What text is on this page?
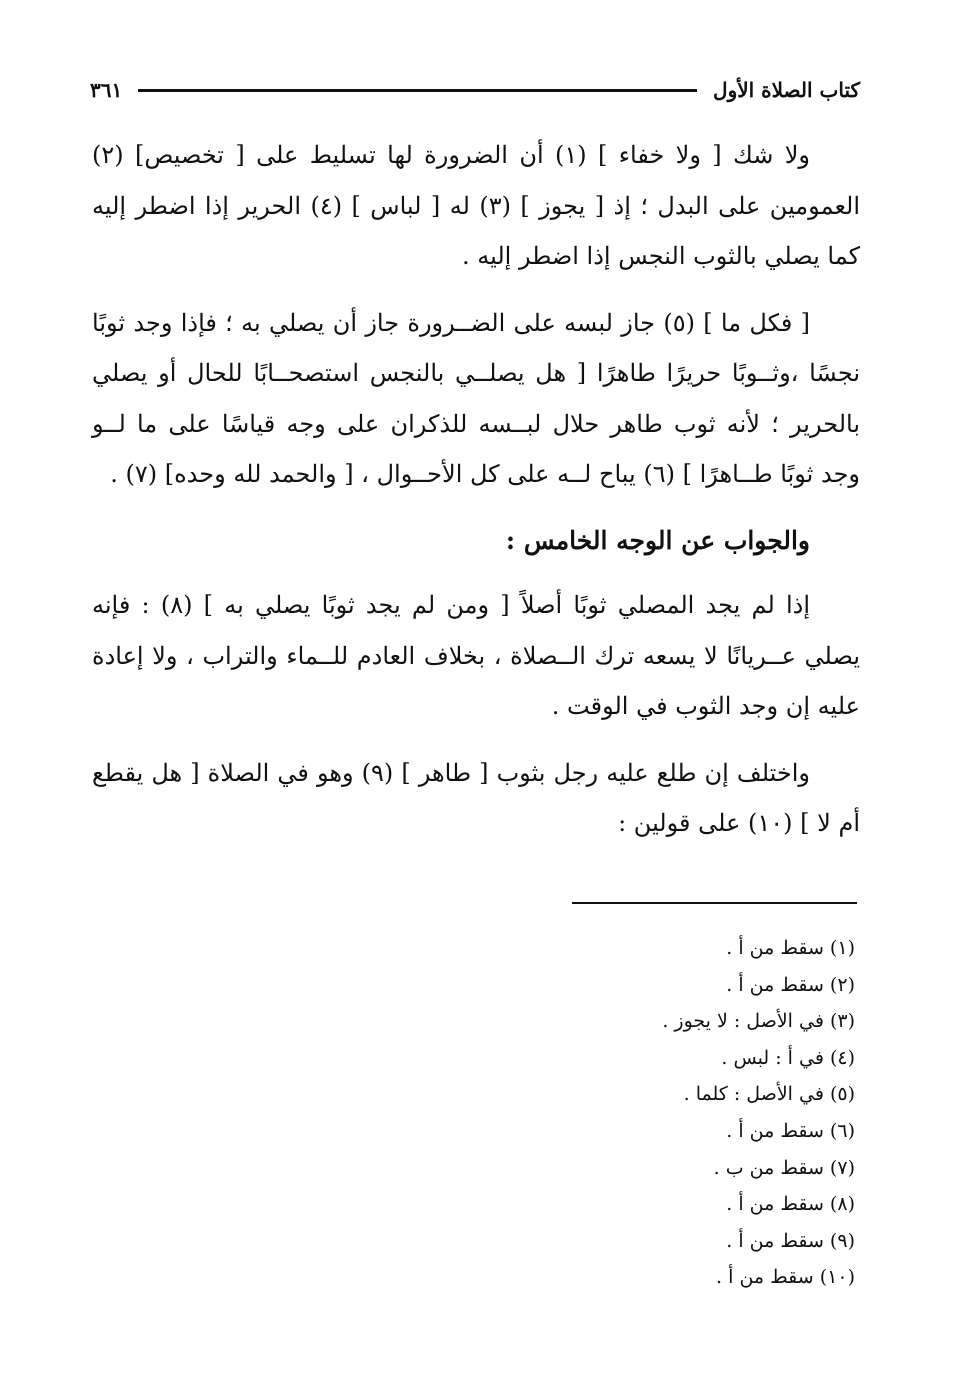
كتاب الصلاة الأول
٣٦١

ولا شك [ ولا خفاء ] (١) أن الضرورة لها تسليط على [ تخصيص] (٢) العمومين على البدل ؛ إذ [ يجوز ] (٣) له [ لباس ] (٤) الحرير إذا اضطر إليه كما يصلي بالثوب النجس إذا اضطر إليه .

[ فكل ما ] (٥) جاز لبسه على الضــرورة جاز أن يصلي به ؛ فإذا وجد ثوبًا نجسًا ،وثــوبًا حريرًا طاهرًا [ هل يصلــي بالنجس استصحــابًا للحال أو يصلي بالحرير ؛ لأنه ثوب طاهر حلال لبــسه للذكران على وجه قياسًا على ما لــو وجد ثوبًا طــاهرًا ] (٦) يباح لــه على كل الأحــوال ، [ والحمد لله وحده] (٧) .

والجواب عن الوجه الخامس :

إذا لم يجد المصلي ثوبًا أصلاً [ ومن لم يجد ثوبًا يصلي به ] (٨) : فإنه يصلي عــريانًا لا يسعه ترك الــصلاة ، بخلاف العادم للــماء والتراب ، ولا إعادة عليه إن وجد الثوب في الوقت .

واختلف إن طلع عليه رجل بثوب [ طاهر ] (٩) وهو في الصلاة [ هل يقطع أم لا ] (١٠) على قولين :

(١) سقط من أ .
(٢) سقط من أ .
(٣) في الأصل : لا يجوز .
(٤) في أ : لبس .
(٥) في الأصل : كلما .
(٦) سقط من أ .
(٧) سقط من ب .
(٨) سقط من أ .
(٩) سقط من أ .
(١٠) سقط من أ .
